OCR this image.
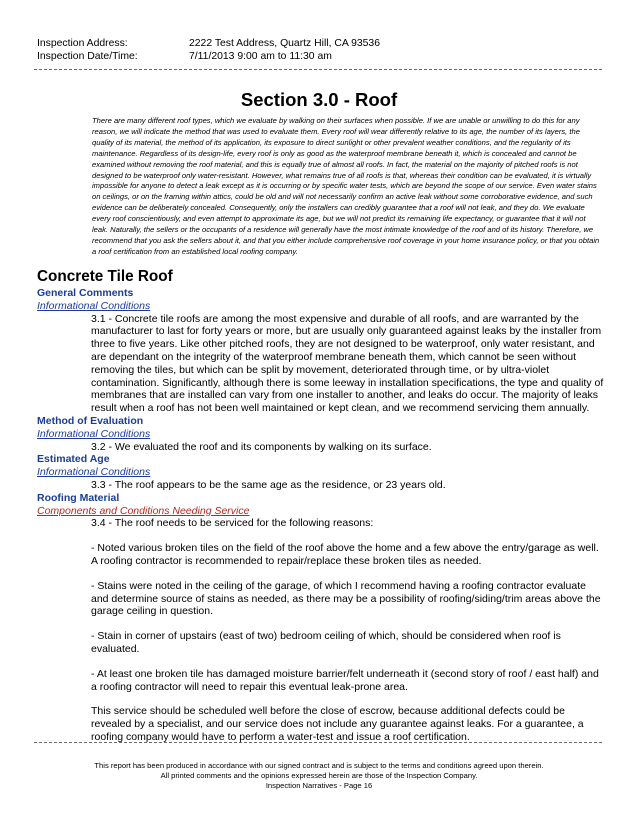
Inspection Address:	2222 Test Address, Quartz Hill, CA 93536
Inspection Date/Time:	7/11/2013 9:00 am to 11:30 am
Section 3.0 - Roof

There are many different roof types, which we evaluate by walking on their surfaces when possible. If we are unable or unwilling to do this for any reason, we will indicate the method that was used to evaluate them. Every roof will wear differently relative to its age, the number of its layers, the quality of its material, the method of its application, its exposure to direct sunlight or other prevalent weather conditions, and the regularity of its maintenance. Regardless of its design-life, every roof is only as good as the waterproof membrane beneath it, which is concealed and cannot be examined without removing the roof material, and this is equally true of almost all roofs. In fact, the material on the majority of pitched roofs is not designed to be waterproof only water-resistant. However, what remains true of all roofs is that, whereas their condition can be evaluated, it is virtually impossible for anyone to detect a leak except as it is occurring or by specific water tests, which are beyond the scope of our service. Even water stains on ceilings, or on the framing within attics, could be old and will not necessarily confirm an active leak without some corroborative evidence, and such evidence can be deliberately concealed. Consequently, only the installers can credibly guarantee that a roof will not leak, and they do. We evaluate every roof conscientiously, and even attempt to approximate its age, but we will not predict its remaining life expectancy, or guarantee that it will not leak. Naturally, the sellers or the occupants of a residence will generally have the most intimate knowledge of the roof and of its history. Therefore, we recommend that you ask the sellers about it, and that you either include comprehensive roof coverage in your home insurance policy, or that you obtain a roof certification from an established local roofing company.

Concrete Tile Roof
General Comments
Informational Conditions

3.1 - Concrete tile roofs are among the most expensive and durable of all roofs, and are warranted by the manufacturer to last for forty years or more, but are usually only guaranteed against leaks by the installer from three to five years. Like other pitched roofs, they are not designed to be waterproof, only water resistant, and are dependant on the integrity of the waterproof membrane beneath them, which cannot be seen without removing the tiles, but which can be split by movement, deteriorated through time, or by ultra-violet contamination. Significantly, although there is some leeway in installation specifications, the type and quality of membranes that are installed can vary from one installer to another, and leaks do occur. The majority of leaks result when a roof has not been well maintained or kept clean, and we recommend servicing them annually.

Method of Evaluation
Informational Conditions

3.2 - We evaluated the roof and its components by walking on its surface.

Estimated Age
Informational Conditions

3.3 - The roof appears to be the same age as the residence, or 23 years old.

Roofing Material
Components and Conditions Needing Service

3.4 - The roof needs to be serviced for the following reasons:

- Noted various broken tiles on the field of the roof above the home and a few above the entry/garage as well. A roofing contractor is recommended to repair/replace these broken tiles as needed.

- Stains were noted in the ceiling of the garage, of which I recommend having a roofing contractor evaluate and determine source of stains as needed, as there may be a possibility of roofing/siding/trim areas above the garage ceiling in question.

- Stain in corner of upstairs (east of two) bedroom ceiling of which, should be considered when roof is evaluated.

- At least one broken tile has damaged moisture barrier/felt underneath it (second story of roof / east half) and a roofing contractor will need to repair this eventual leak-prone area.

This service should be scheduled well before the close of escrow, because additional defects could be revealed by a specialist, and our service does not include any guarantee against leaks. For a guarantee, a roofing company would have to perform a water-test and issue a roof certification.

This report has been produced in accordance with our signed contract and is subject to the terms and conditions agreed upon therein.
All printed comments and the opinions expressed herein are those of the Inspection Company.
Inspection Narratives - Page 16
